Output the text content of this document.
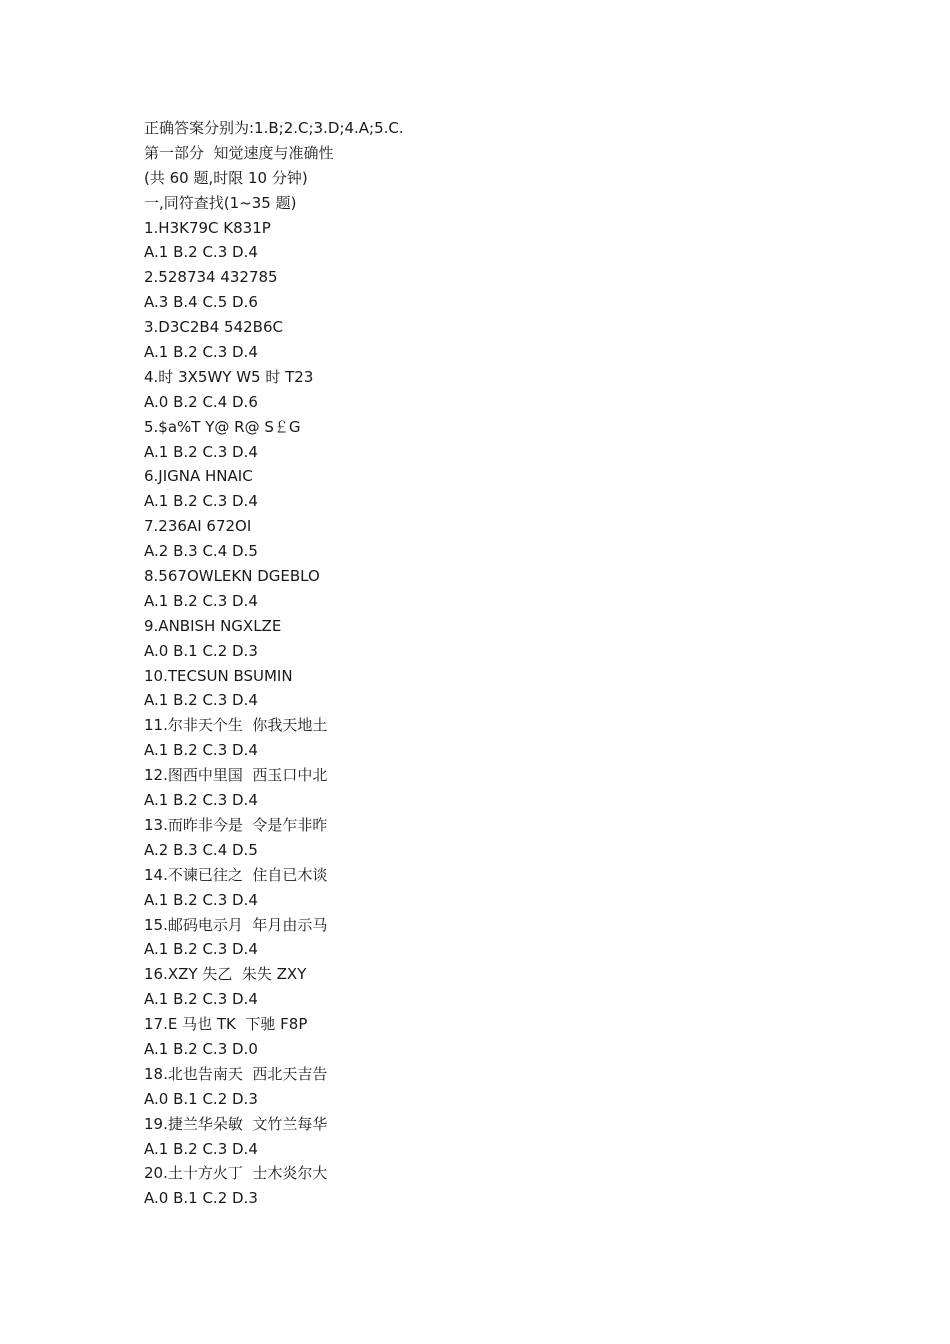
正确答案分别为:1.B;2.C;3.D;4.A;5.C.

第一部分  知觉速度与准确性

(共 60 题,时限 10 分钟)

一,同符查找(1~35 题)

1.H3K79C K831P

A.1 B.2 C.3 D.4

2.528734 432785

A.3 B.4 C.5 D.6

3.D3C2B4 542B6C

A.1 B.2 C.3 D.4

4.时 3X5WY W5 时 T23

A.0 B.2 C.4 D.6

5.$a%T Y@ R@ S￡G

A.1 B.2 C.3 D.4

6.JIGNA HNAIC

A.1 B.2 C.3 D.4

7.236AI 672OI

A.2 B.3 C.4 D.5

8.567OWLEKN DGEBLO

A.1 B.2 C.3 D.4

9.ANBISH NGXLZE

A.0 B.1 C.2 D.3

10.TECSUN BSUMIN

A.1 B.2 C.3 D.4

11.尔非天个生  你我天地土

A.1 B.2 C.3 D.4

12.图西中里国  西玉口中北

A.1 B.2 C.3 D.4

13.而昨非今是  令是乍非昨

A.2 B.3 C.4 D.5

14.不谏已往之  住自已木谈

A.1 B.2 C.3 D.4

15.邮码电示月  年月由示马

A.1 B.2 C.3 D.4

16.XZY 失乙  朱失 ZXY

A.1 B.2 C.3 D.4

17.E 马也 TK  下驰 F8P

A.1 B.2 C.3 D.0

18.北也告南天  西北天吉告

A.0 B.1 C.2 D.3

19.捷兰华朵敏  文竹兰每华

A.1 B.2 C.3 D.4

20.土十方火丁  士木炎尔大

A.0 B.1 C.2 D.3
